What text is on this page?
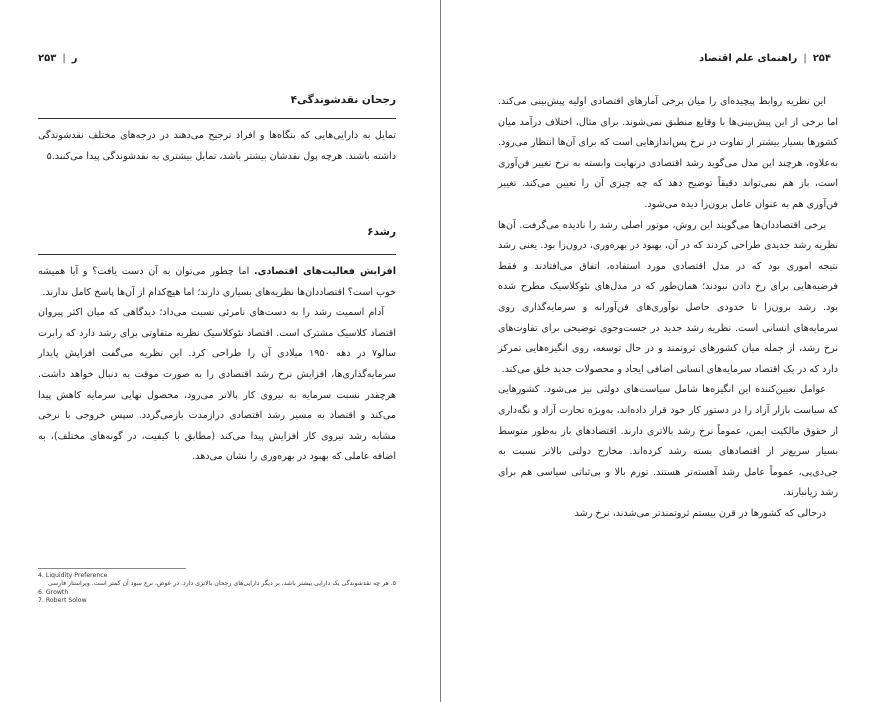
۲۵۳ | ر
رجحان نقدشوندگی۴

تمایل به دارایی‌هایی که بنگاه‌ها و افراد ترجیح می‌دهند در درجه‌های مختلف نقدشوندگی داشته باشند. هرچه پول نقدشان بیشتر باشد، تمایل بیشتری به نقدشوندگی پیدا می‌کنند.۵

رشد۶

افزایش فعالیت‌های اقتصادی. اما چطور می‌توان به آن دست یافت؟ و آیا همیشه خوب است؟ اقتصاددان‌ها نظریه‌های بسیاری دارند؛ اما هیچ‌کدام از آن‌ها پاسخ کامل ندارند.

آدام اسمیت رشد را به دست‌های نامرئی نسبت می‌داد؛ دیدگاهی که میان اکثر پیروان اقتصاد کلاسیک مشترک است. اقتصاد نئوکلاسیک نظریه متفاوتی برای رشد دارد که رابرت سالو۷ در دهه ۱۹۵۰ میلادی آن را طراحی کرد. این نظریه می‌گفت افزایش پایدار سرمایه‌گذاری‌ها، افزایش نرخ رشد اقتصادی را به صورت موقت به دنبال خواهد داشت. هرچقدر نسبت سرمایه به نیروی کار بالاتر می‌رود، محصول نهایی سرمایه کاهش پیدا می‌کند و اقتصاد به مسیر رشد اقتصادی درازمدت بازمی‌گردد. سپس خروجی با نرخی مشابه رشد نیروی کار افزایش پیدا می‌کند (مطابق با کیفیت، در گونه‌های مختلف)، به اضافه عاملی که بهبود در بهره‌وری را نشان می‌دهد.

4. Liquidity Preference
۵. هر چه نقدشوندگی یک دارایی بیشتر باشد، بر دیگر دارایی‌های رجحان بالاتری دارد. در عوض، نرخ سود آن کمتر است. ویراستار فارسی
6. Growth
7. Robert Solow
۲۵۴
|
راهنمای علم اقتصاد

این نظریه روابط پیچیده‌ای را میان برخی آمارهای اقتصادی اولیه پیش‌بینی می‌کند. اما برخی از این پیش‌بینی‌ها با وقایع منطبق نمی‌شوند. برای مثال، اختلاف درآمد میان کشورها بسیار بیشتر از تفاوت در نرخ پس‌اندازهایی است که برای آن‌ها انتظار می‌رود. به‌علاوه، هرچند این مدل می‌گوید رشد اقتصادی درنهایت وابسته به نرخ تغییر فن‌آوری است، باز هم نمی‌تواند دقیقاً توضیح دهد که چه چیزی آن را تعیین می‌کند. تغییر فن‌آوری هم به عنوان عامل برون‌زا دیده می‌شود.

برخی اقتصاددان‌ها می‌گویند این روش، موتور اصلی رشد را نادیده می‌گرفت. آن‌ها نظریه رشد جدیدی طراحی کردند که در آن، بهبود در بهره‌وری، درون‌زا بود. یعنی رشد نتیجه اموری بود که در مدل اقتصادی مورد استفاده، اتفاق می‌افتادند و فقط فرضیه‌هایی برای رخ دادن نبودند؛ همان‌طور که در مدل‌های نئوکلاسیک مطرح شده بود. رشد برون‌زا تا حدودی حاصل نوآوری‌های فن‌آورانه و سرمایه‌گذاری روی سرمایه‌های انسانی است. نظریه رشد جدید در جست‌وجوی توضیحی برای تفاوت‌های نرخ رشد، از جمله میان کشورهای ثروتمند و در حال توسعه، روی انگیزه‌هایی تمرکز دارد که در یک اقتصاد سرمایه‌های انسانی اضافی ایجاد و محصولات جدید خلق می‌کند.

عوامل تعیین‌کننده این انگیزه‌ها شامل سیاست‌های دولتی نیز می‌شود. کشورهایی که سیاست بازار آزاد را در دستور کار خود قرار داده‌اند، به‌ویژه تجارت آزاد و نگه‌داری از حقوق مالکیت ایمن، عموماً نرخ رشد بالاتری دارند. اقتصادهای باز به‌طور متوسط بسیار سریع‌تر از اقتصادهای بسته رشد کرده‌اند. مخارج دولتی بالاتر نسبت به جی‌دی‌پی، عموماً عامل رشد آهسته‌تر هستند. تورم بالا و بی‌ثباتی سیاسی هم برای رشد زیانبارند.

درحالی که کشورها در قرن بیستم ثروتمندتر می‌شدند، نرخ رشد
